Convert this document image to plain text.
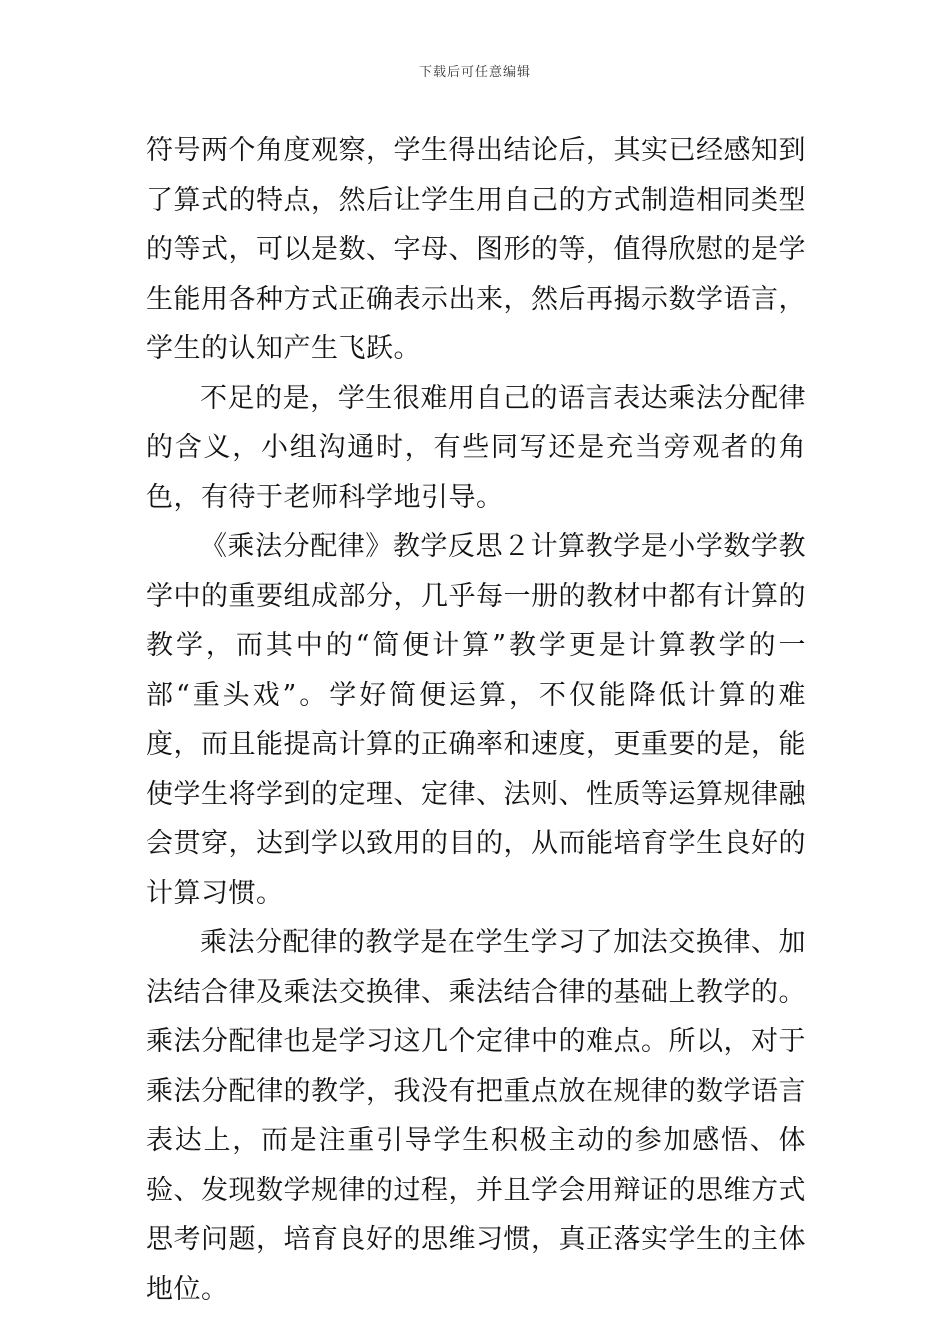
下载后可任意编辑

符号两个角度观察，学生得出结论后，其实已经感知到了算式的特点，然后让学生用自己的方式制造相同类型的等式，可以是数、字母、图形的等，值得欣慰的是学生能用各种方式正确表示出来，然后再揭示数学语言，学生的认知产生飞跃。

不足的是，学生很难用自己的语言表达乘法分配律的含义，小组沟通时，有些同写还是充当旁观者的角色，有待于老师科学地引导。

《乘法分配律》教学反思２计算教学是小学数学教学中的重要组成部分，几乎每一册的教材中都有计算的教学，而其中的“简便计算”教学更是计算教学的一部“重头戏”。学好简便运算，不仅能降低计算的难度，而且能提高计算的正确率和速度，更重要的是，能使学生将学到的定理、定律、法则、性质等运算规律融会贯穿，达到学以致用的目的，从而能培育学生良好的计算习惯。

乘法分配律的教学是在学生学习了加法交换律、加法结合律及乘法交换律、乘法结合律的基础上教学的。乘法分配律也是学习这几个定律中的难点。所以，对于乘法分配律的教学，我没有把重点放在规律的数学语言表达上，而是注重引导学生积极主动的参加感悟、体验、发现数学规律的过程，并且学会用辩证的思维方式思考问题，培育良好的思维习惯，真正落实学生的主体地位。
